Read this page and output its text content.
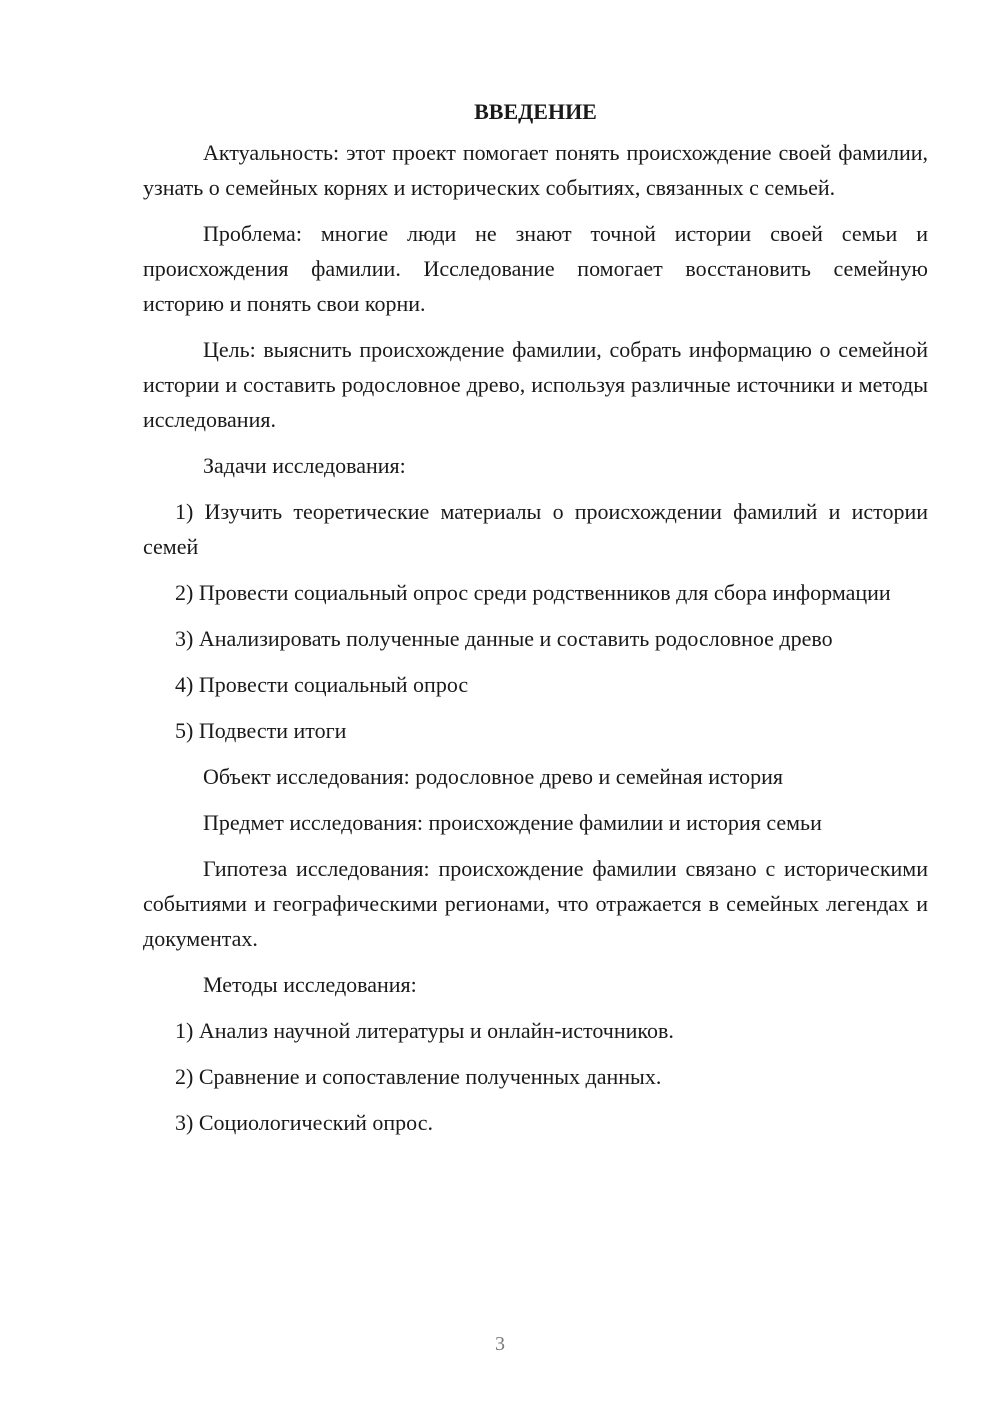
ВВЕДЕНИЕ

Актуальность: этот проект помогает понять происхождение своей фамилии, узнать о семейных корнях и исторических событиях, связанных с семьей.

Проблема: многие люди не знают точной истории своей семьи и происхождения фамилии. Исследование помогает восстановить семейную историю и понять свои корни.

Цель: выяснить происхождение фамилии, собрать информацию о семейной истории и составить родословное древо, используя различные источники и методы исследования.

Задачи исследования:

1) Изучить теоретические материалы о происхождении фамилий и истории семей

2) Провести социальный опрос среди родственников для сбора информации

3) Анализировать полученные данные и составить родословное древо

4) Провести социальный опрос

5) Подвести итоги

Объект исследования: родословное древо и семейная история

Предмет исследования: происхождение фамилии и история семьи

Гипотеза исследования: происхождение фамилии связано с историческими событиями и географическими регионами, что отражается в семейных легендах и документах.

Методы исследования:

1) Анализ научной литературы и онлайн-источников.

2) Сравнение и сопоставление полученных данных.

3) Социологический опрос.

3
